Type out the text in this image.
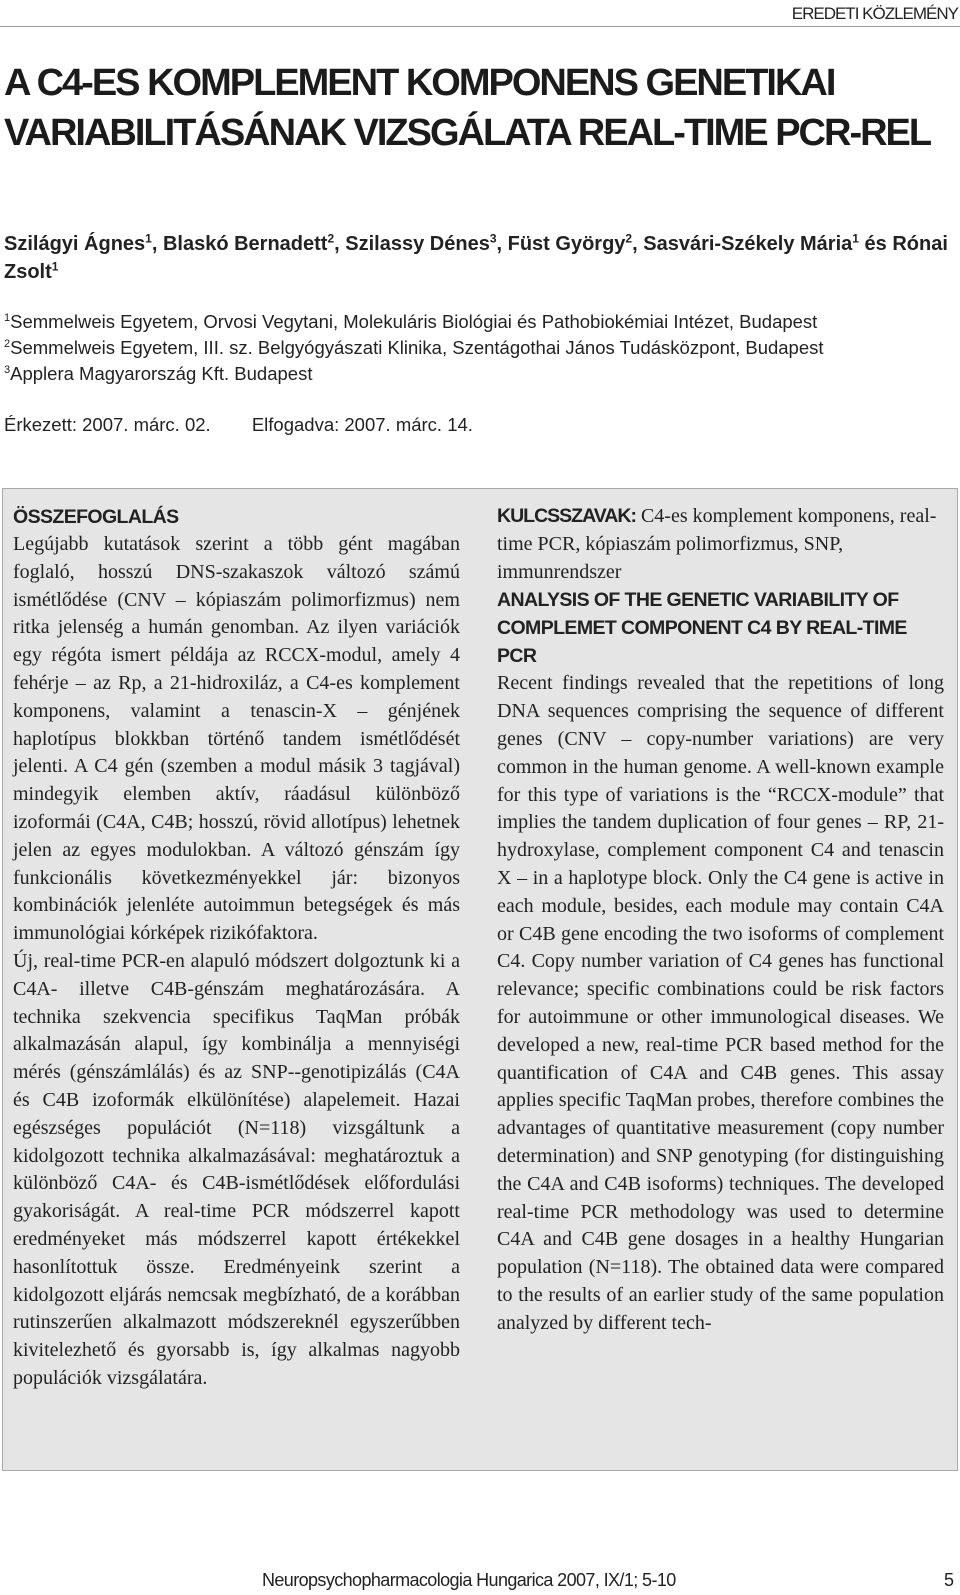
EREDETI KÖZLEMÉNY
A C4-ES KOMPLEMENT KOMPONENS GENETIKAI VARIABILITÁSÁNAK VIZSGÁLATA REAL-TIME PCR-REL
Szilágyi Ágnes$^1$, Blaskó Bernadett$^2$, Szilassy Dénes$^3$, Füst György$^2$, Sasvári-Székely Mária$^1$ és Rónai Zsolt$^1$
$^1$Semmelweis Egyetem, Orvosi Vegytani, Molekuláris Biológiai és Pathobiokémiai Intézet, Budapest
$^2$Semmelweis Egyetem, III. sz. Belgyógyászati Klinika, Szentágothai János Tudásközpont, Budapest
$^3$Applera Magyarország Kft. Budapest
Érkezett: 2007. márc. 02. Elfogadva: 2007. márc. 14.
ÖSSZEFOGLALÁS

Legújabb kutatások szerint a több gént magában foglaló, hosszú DNS-szakaszok változó számú ismétlődése (CNV – kópiaszám polimorfizmus) nem ritka jelenség a humán genomban. Az ilyen variációk egy régóta ismert példája az RCCX-modul, amely 4 fehérje – az Rp, a 21-hidroxiláz, a C4-es komplement komponens, valamint a tenascin-X – génjének haplotípus blokkban történő tandem ismétlődését jelenti. A C4 gén (szemben a modul másik 3 tagjával) mindegyik elemben aktív, ráadásul különböző izoformái (C4A, C4B; hosszú, rövid allotípus) lehetnek jelen az egyes modulokban. A változó génszám így funkcionális következményekkel jár: bizonyos kombinációk jelenléte autoimmun betegségek és más immunológiai kórképek rizikófaktora.

Új, real-time PCR-en alapuló módszert dolgoztunk ki a C4A- illetve C4B-génszám meghatározására. A technika szekvencia specifikus TaqMan próbák alkalmazásán alapul, így kombinálja a mennyiségi mérés (génszámlálás) és az SNP--genotipizálás (C4A és C4B izoformák elkülönítése) alapelemeit. Hazai egészséges populációt (N=118) vizsgáltunk a kidolgozott technika alkalmazásával: meghatároztuk a különböző C4A- és C4B-ismétlődések előfordulási gyakoriságát. A real-time PCR módszerrel kapott eredményeket más módszerrel kapott értékekkel hasonlítottuk össze. Eredményeink szerint a kidolgozott eljárás nemcsak megbízható, de a korábban rutinszerűen alkalmazott módszereknél egyszerűbben kivitelezhető és gyorsabb is, így alkalmas nagyobb populációk vizsgálatára.

KULCSSZAVAK: C4-es komplement komponens, real-time PCR, kópiaszám polimorfizmus, SNP, immunrendszer

ANALYSIS OF THE GENETIC VARIABILITY OF COMPLEMET COMPONENT C4 BY REAL-TIME PCR

Recent findings revealed that the repetitions of long DNA sequences comprising the sequence of different genes (CNV – copy-number variations) are very common in the human genome. A well-known example for this type of variations is the “RCCX-module” that implies the tandem duplication of four genes – RP, 21-hydroxylase, complement component C4 and tenascin X – in a haplotype block. Only the C4 gene is active in each module, besides, each module may contain C4A or C4B gene encoding the two isoforms of complement C4. Copy number variation of C4 genes has functional relevance; specific combinations could be risk factors for autoimmune or other immunological diseases. We developed a new, real-time PCR based method for the quantification of C4A and C4B genes. This assay applies specific TaqMan probes, therefore combines the advantages of quantitative measurement (copy number determination) and SNP genotyping (for distinguishing the C4A and C4B isoforms) techniques. The developed real-time PCR methodology was used to determine C4A and C4B gene dosages in a healthy Hungarian population (N=118). The obtained data were compared to the results of an earlier study of the same population analyzed by different tech-

Neuropsychopharmacologia Hungarica 2007, IX/1; 5-10	5
